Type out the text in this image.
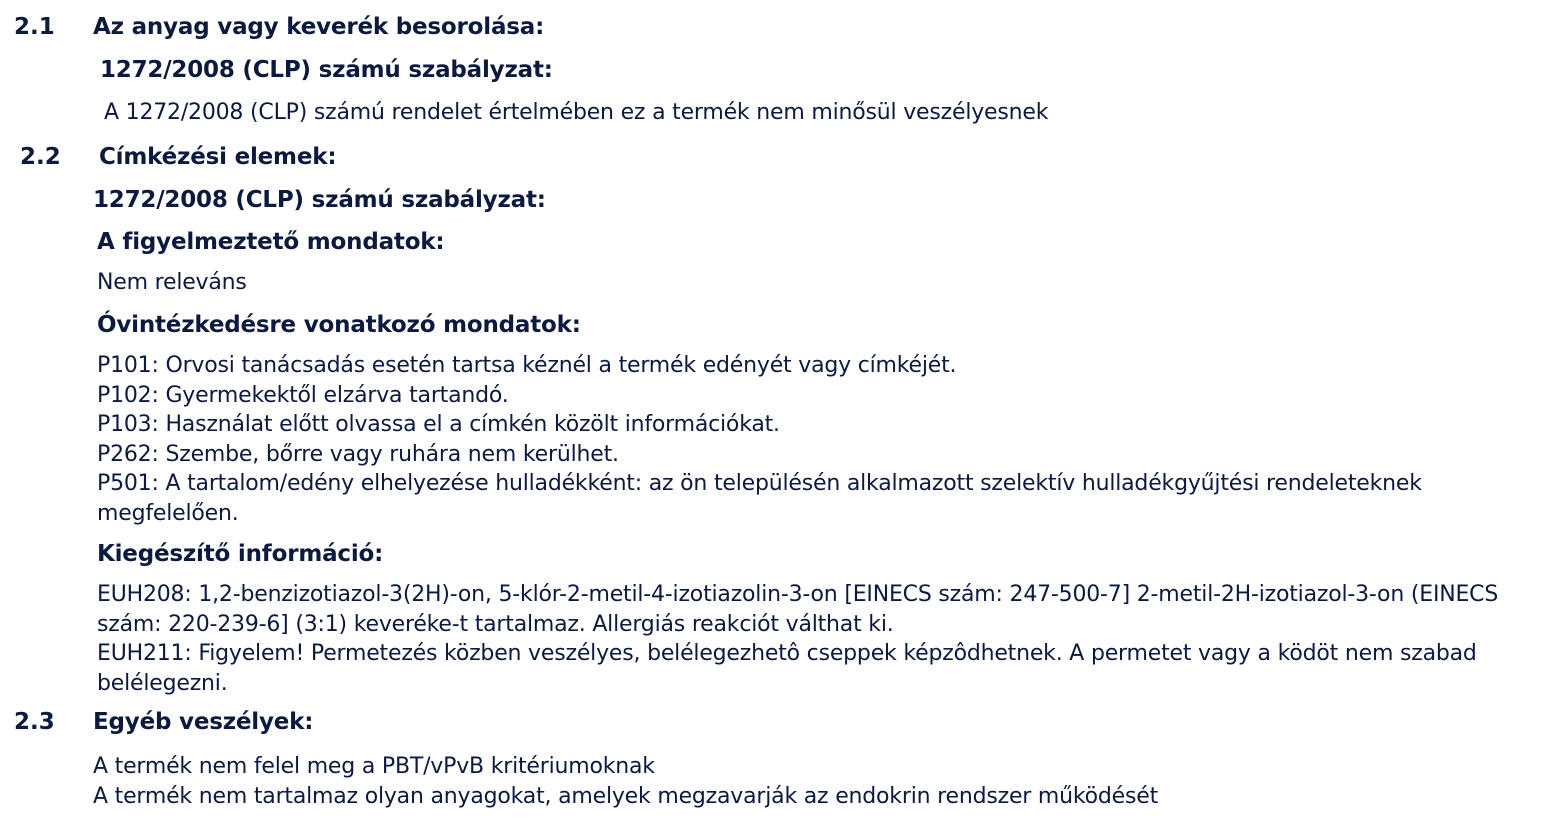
2.1 Az anyag vagy keverék besorolása:
1272/2008 (CLP) számú szabályzat:
A 1272/2008 (CLP) számú rendelet értelmében ez a termék nem minősül veszélyesnek
2.2 Címkézési elemek:
1272/2008 (CLP) számú szabályzat:
A figyelmeztető mondatok:
Nem releváns
Óvintézkedésre vonatkozó mondatok:
P101: Orvosi tanácsadás esetén tartsa kéznél a termék edényét vagy címkéjét.
P102: Gyermekektől elzárva tartandó.
P103: Használat előtt olvassa el a címkén közölt információkat.
P262: Szembe, bőrre vagy ruhára nem kerülhet.
P501: A tartalom/edény elhelyezése hulladékként: az ön településén alkalmazott szelektív hulladékgyűjtési rendeleteknek
megfelelően.
Kiegészítő információ:
EUH208: 1,2-benzizotiazol-3(2H)-on, 5-klór-2-metil-4-izotiazolin-3-on [EINECS szám: 247-500-7] 2-metil-2H-izotiazol-3-on (EINECS
szám: 220-239-6] (3:1) keveréke-t tartalmaz. Allergiás reakciót válthat ki.
EUH211: Figyelem! Permetezés közben veszélyes, belélegezhetô cseppek képzôdhetnek. A permetet vagy a ködöt nem szabad
belélegezni.
2.3 Egyéb veszélyek:
A termék nem felel meg a PBT/vPvB kritériumoknak
A termék nem tartalmaz olyan anyagokat, amelyek megzavarják az endokrin rendszer működését
